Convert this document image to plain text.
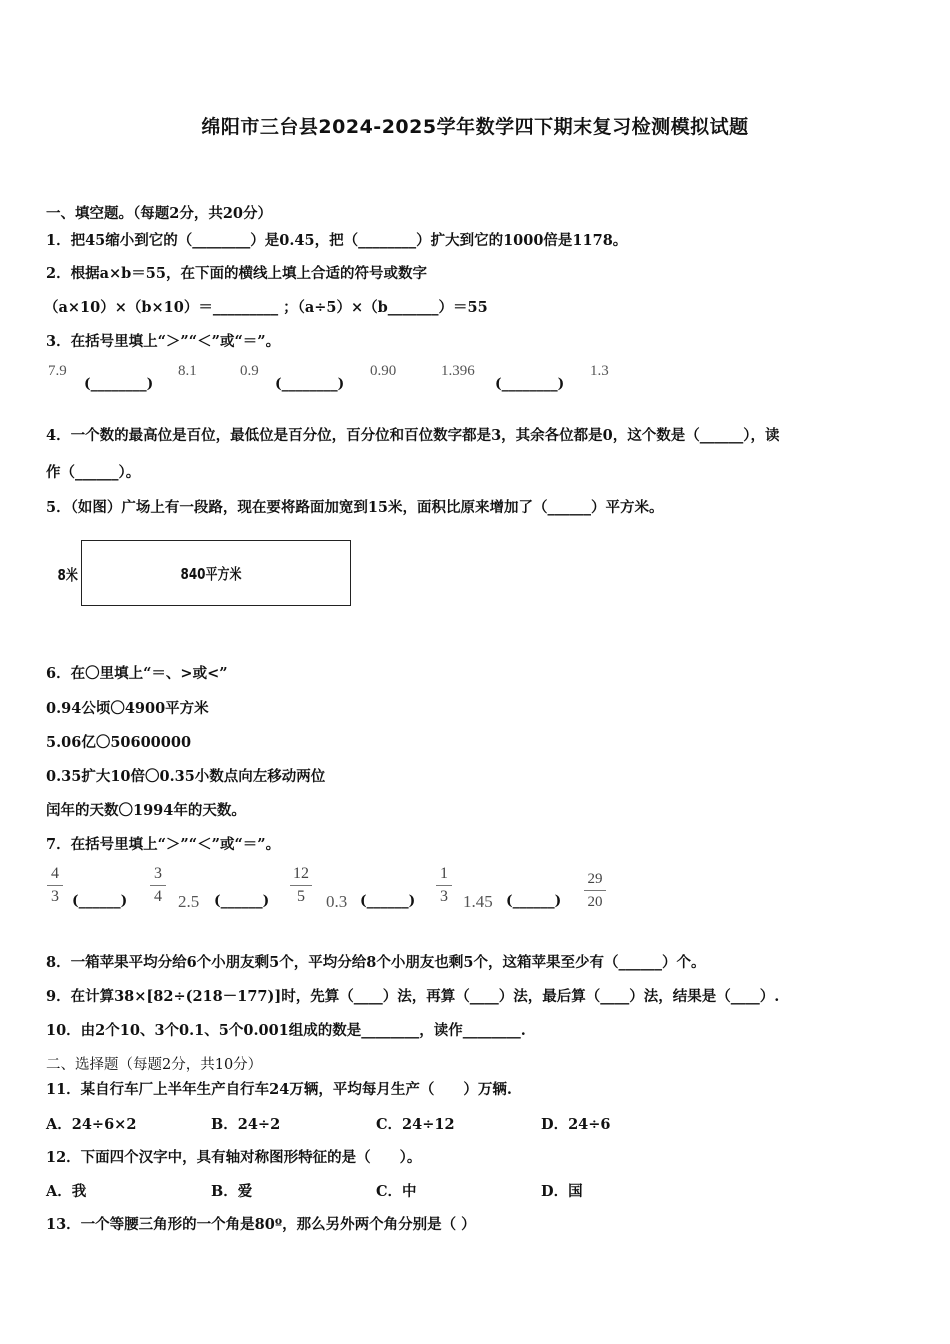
绵阳市三台县2024-2025学年数学四下期末复习检测模拟试题
一、填空题。（每题2分，共20分）
1．把45缩小到它的（________）是0.45，把（________）扩大到它的1000倍是1178。
2．根据a×b＝55，在下面的横线上填上合适的符号或数字
（a×10）×（b×10）＝_________ ；（a÷5）×（b_______）＝55
3．在括号里填上“＞”“＜”或“＝”。
7.9
(________)
8.1	0.9
(________)
0.90	1.396
(________)
1.3
4．一个数的最高位是百位，最低位是百分位，百分位和百位数字都是3，其余各位都是0，这个数是（______），读
作（______）。
5．（如图）广场上有一段路，现在要将路面加宽到15米，面积比原来增加了（______）平方米。
8米	840平方米
6．在〇里填上“＝、>或<”
0.94公顷〇4900平方米
5.06亿〇50600000
0.35扩大10倍〇0.35小数点向左移动两位
闰年的天数〇1994年的天数。
7．在括号里填上“＞”“＜”或“＝”。
4
3 (______)
3
4 2.5 (______)
12
5	0.3 (______)
1
3 1.45 (______)
29
20
8．一箱苹果平均分给6个小朋友剩5个，平均分给8个小朋友也剩5个，这箱苹果至少有（______）个。
9．在计算38×[82÷(218－177)]时，先算（____）法，再算（____）法，最后算（____）法，结果是（____）.
10．由2个10、3个0.1、5个0.001组成的数是________，读作________.
二、选择题（每题2分，共10分）
11．某自行车厂上半年生产自行车24万辆，平均每月生产（　　）万辆.
A．24÷6×2	B．24÷2	C．24÷12	D．24÷6
12．下面四个汉字中，具有轴对称图形特征的是（　　）。
A．我	B．爱	C．中	D．国
13．一个等腰三角形的一个角是80º，那么另外两个角分别是（ ）
